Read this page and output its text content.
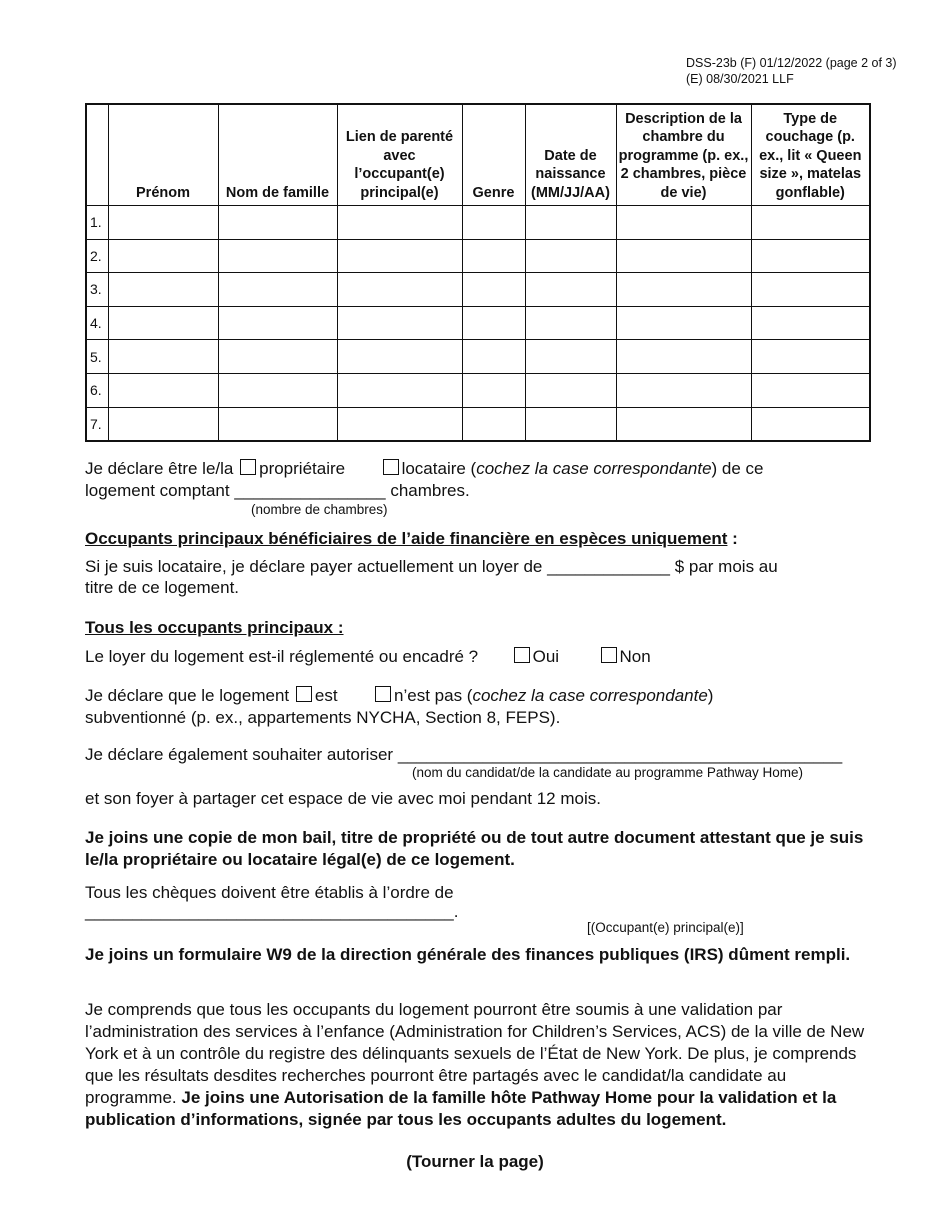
DSS-23b (F) 01/12/2022 (page 2 of 3)
(E) 08/30/2021 LLF
	Prénom	Nom de famille	Lien de parenté avec l’occupant(e) principal(e)	Genre	Date de naissance (MM/JJ/AA)	Description de la chambre du programme (p. ex., 2 chambres, pièce de vie)	Type de couchage (p. ex., lit « Queen size », matelas gonflable)
1.							
2.							
3.							
4.							
5.							
6.							
7.							
Je déclare être le/la propriétaire	locataire (cochez la case correspondante) de ce
logement comptant ________________ chambres.
(nombre de chambres)
Occupants principaux bénéficiaires de l’aide financière en espèces uniquement :
Si je suis locataire, je déclare payer actuellement un loyer de _____________ $ par mois au
titre de ce logement.
Tous les occupants principaux :
Le loyer du logement est-il réglementé ou encadré ?	Oui	Non
Je déclare que le logement est	n’est pas (cochez la case correspondante)
subventionné (p. ex., appartements NYCHA, Section 8, FEPS).
Je déclare également souhaiter autoriser _______________________________________________
(nom du candidat/de la candidate au programme Pathway Home)
et son foyer à partager cet espace de vie avec moi pendant 12 mois.
Je joins une copie de mon bail, titre de propriété ou de tout autre document attestant que je suis le/la propriétaire ou locataire légal(e) de ce logement.
Tous les chèques doivent être établis à l’ordre de
_______________________________________.
[(Occupant(e) principal(e)]
Je joins un formulaire W9 de la direction générale des finances publiques (IRS) dûment rempli.
Je comprends que tous les occupants du logement pourront être soumis à une validation par l’administration des services à l’enfance (Administration for Children’s Services, ACS) de la ville de New York et à un contrôle du registre des délinquants sexuels de l’État de New York. De plus, je comprends que les résultats desdites recherches pourront être partagés avec le candidat/la candidate au programme. Je joins une Autorisation de la famille hôte Pathway Home pour la validation et la publication d’informations, signée par tous les occupants adultes du logement.
(Tourner la page)
